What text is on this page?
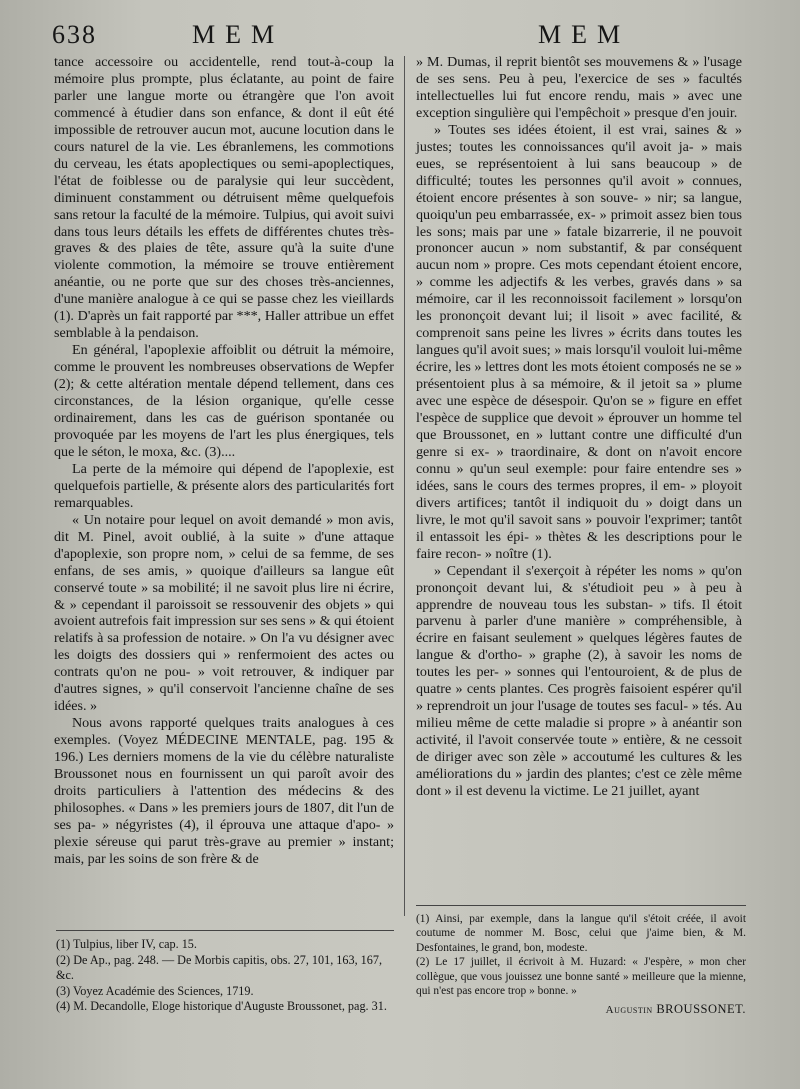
638	MEM	MEM

tance accessoire ou accidentelle, rend tout-à-coup la mémoire plus prompte, plus éclatante, au point de faire parler une langue morte ou étrangère que l'on avoit commencé à étudier dans son enfance, & dont il eût été impossible de retrouver aucun mot, aucune locution dans le cours naturel de la vie. Les ébranlemens, les commotions du cerveau, les états apoplectiques ou semi-apoplectiques, l'état de foiblesse ou de paralysie qui leur succèdent, diminuent constamment ou détruisent même quelquefois sans retour la faculté de la mémoire. Tulpius, qui avoit suivi dans tous leurs détails les effets de différentes chutes très-graves & des plaies de tête, assure qu'à la suite d'une violente commotion, la mémoire se trouve entièrement anéantie, ou ne porte que sur des choses très-anciennes, d'une manière analogue à ce qui se passe chez les vieillards (1). D'après un fait rapporté par ***, Haller attribue un effet semblable à la pendaison.

En général, l'apoplexie affoiblit ou détruit la mémoire, comme le prouvent les nombreuses observations de Wepfer (2); & cette altération mentale dépend tellement, dans ces circonstances, de la lésion organique, qu'elle cesse ordinairement, dans les cas de guérison spontanée ou provoquée par les moyens de l'art les plus énergiques, tels que le séton, le moxa, &c. (3)....

La perte de la mémoire qui dépend de l'apoplexie, est quelquefois partielle, & présente alors des particularités fort remarquables.

« Un notaire pour lequel on avoit demandé » mon avis, dit M. Pinel, avoit oublié, à la suite » d'une attaque d'apoplexie, son propre nom, » celui de sa femme, de ses enfans, de ses amis, » quoique d'ailleurs sa langue eût conservé toute » sa mobilité; il ne savoit plus lire ni écrire, & » cependant il paroissoit se ressouvenir des objets » qui avoient autrefois fait impression sur ses sens » & qui étoient relatifs à sa profession de notaire. » On l'a vu désigner avec les doigts des dossiers qui » renfermoient des actes ou contrats qu'on ne pou- » voit retrouver, & indiquer par d'autres signes, » qu'il conservoit l'ancienne chaîne de ses idées. »

Nous avons rapporté quelques traits analogues à ces exemples. (Voyez MÉDECINE MENTALE, pag. 195 & 196.) Les derniers momens de la vie du célèbre naturaliste Broussonet nous en fournissent un qui paroît avoir des droits particuliers à l'attention des médecins & des philosophes. « Dans » les premiers jours de 1807, dit l'un de ses pa- » négyristes (4), il éprouva une attaque d'apo- » plexie séreuse qui parut très-grave au premier » instant; mais, par les soins de son frère & de

» M. Dumas, il reprit bientôt ses mouvemens & » l'usage de ses sens. Peu à peu, l'exercice de ses » facultés intellectuelles lui fut encore rendu, mais » avec une exception singulière qui l'empêchoit » presque d'en jouir.

» Toutes ses idées étoient, il est vrai, saines & » justes; toutes les connoissances qu'il avoit ja- » mais eues, se représentoient à lui sans beaucoup » de difficulté; toutes les personnes qu'il avoit » connues, étoient encore présentes à son souve- » nir; sa langue, quoiqu'un peu embarrassée, ex- » primoit assez bien tous les sons; mais par une » fatale bizarrerie, il ne pouvoit prononcer aucun » nom substantif, & par conséquent aucun nom » propre. Ces mots cependant étoient encore, » comme les adjectifs & les verbes, gravés dans » sa mémoire, car il les reconnoissoit facilement » lorsqu'on les prononçoit devant lui; il lisoit » avec facilité, & comprenoit sans peine les livres » écrits dans toutes les langues qu'il avoit sues; » mais lorsqu'il vouloit lui-même écrire, les » lettres dont les mots étoient composés ne se » présentoient plus à sa mémoire, & il jetoit sa » plume avec une espèce de désespoir. Qu'on se » figure en effet l'espèce de supplice que devoit » éprouver un homme tel que Broussonet, en » luttant contre une difficulté d'un genre si ex- » traordinaire, & dont on n'avoit encore connu » qu'un seul exemple: pour faire entendre ses » idées, sans le cours des termes propres, il em- » ployoit divers artifices; tantôt il indiquoit du » doigt dans un livre, le mot qu'il savoit sans » pouvoir l'exprimer; tantôt il entassoit les épi- » thètes & les descriptions pour le faire recon- » noître (1).

» Cependant il s'exerçoit à répéter les noms » qu'on prononçoit devant lui, & s'étudioit peu » à peu à apprendre de nouveau tous les substan- » tifs. Il étoit parvenu à parler d'une manière » compréhensible, à écrire en faisant seulement » quelques légères fautes de langue & d'ortho- » graphe (2), à savoir les noms de toutes les per- » sonnes qui l'entouroient, & de plus de quatre » cents plantes. Ces progrès faisoient espérer qu'il » reprendroit un jour l'usage de toutes ses facul- » tés. Au milieu même de cette maladie si propre » à anéantir son activité, il l'avoit conservée toute » entière, & ne cessoit de diriger avec son zèle » accoutumé les cultures & les améliorations du » jardin des plantes; c'est ce zèle même dont » il est devenu la victime. Le 21 juillet, ayant

(1) Tulpius, liber IV, cap. 15.

(2) De Ap., pag. 248. — De Morbis capitis, obs. 27, 101, 163, 167, &c.

(3) Voyez Académie des Sciences, 1719.

(4) M. Decandolle, Eloge historique d'Auguste Broussonet, pag. 31.

(1) Ainsi, par exemple, dans la langue qu'il s'étoit créée, il avoit coutume de nommer M. Bosc, celui que j'aime bien, & M. Desfontaines, le grand, bon, modeste.

(2) Le 17 juillet, il écrivoit à M. Huzard: « J'espère, » mon cher collègue, que vous jouissez une bonne santé » meilleure que la mienne, qui n'est pas encore trop » bonne. »

Augustin BROUSSONET.
